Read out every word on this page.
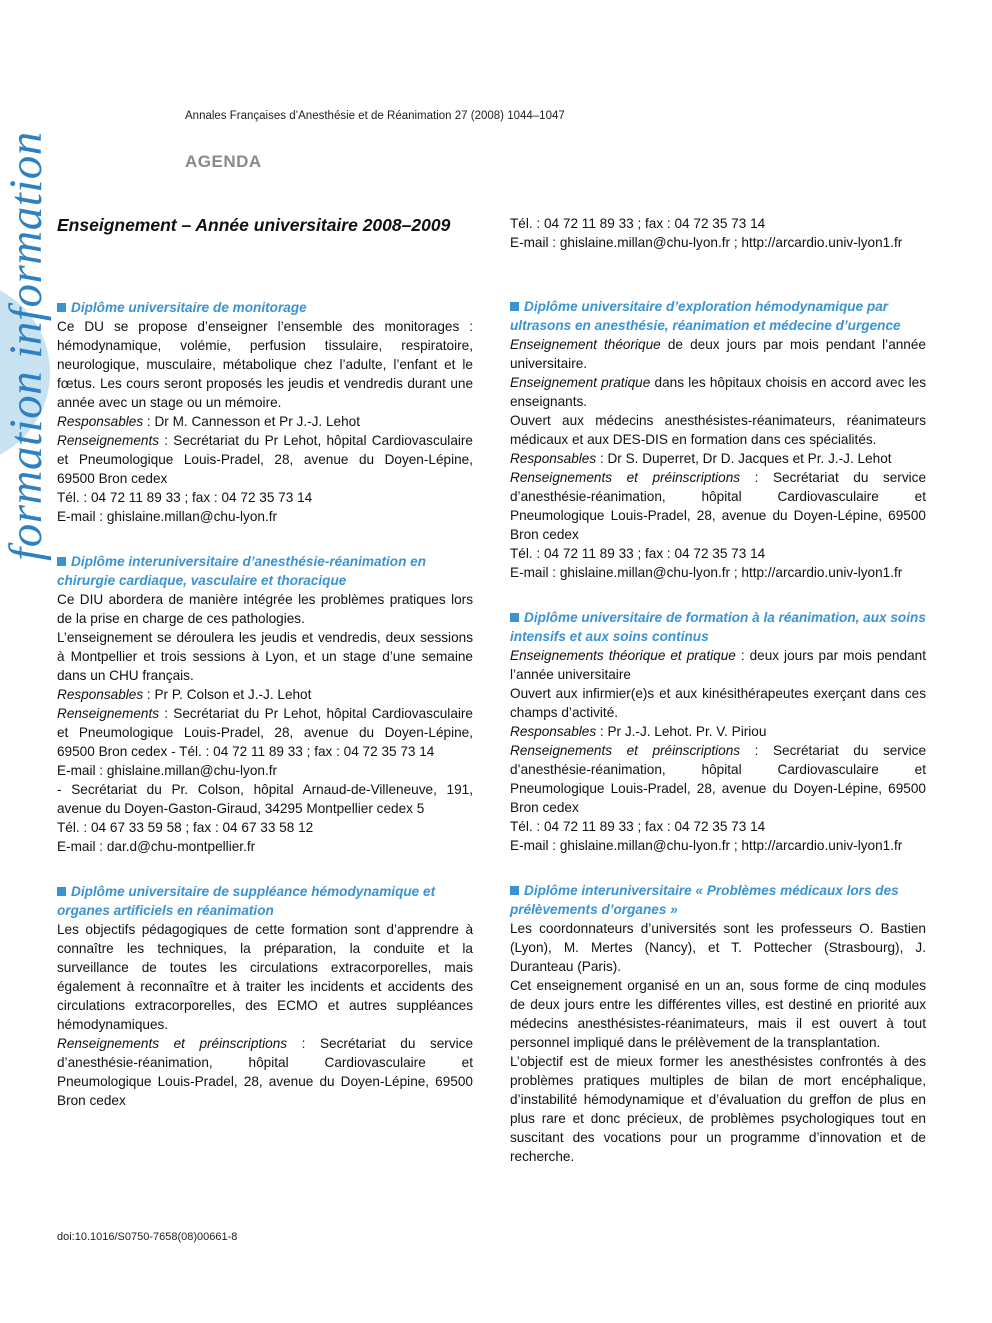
formation information
Annales Françaises d’Anesthésie et de Réanimation 27 (2008) 1044–1047
AGENDA
Enseignement – Année universitaire 2008–2009
Diplôme universitaire de monitorage

Ce DU se propose d’enseigner l’ensemble des monitorages : hémodynamique, volémie, perfusion tissulaire, respiratoire, neurologique, musculaire, métabolique chez l’adulte, l’enfant et le fœtus. Les cours seront proposés les jeudis et vendredis durant une année avec un stage ou un mémoire.

Responsables : Dr M. Cannesson et Pr J.-J. Lehot

Renseignements : Secrétariat du Pr Lehot, hôpital Cardiovasculaire et Pneumologique Louis-Pradel, 28, avenue du Doyen-Lépine, 69500 Bron cedex

Tél. : 04 72 11 89 33 ; fax : 04 72 35 73 14

E-mail : ghislaine.millan@chu-lyon.fr

Diplôme interuniversitaire d’anesthésie-réanimation en chirurgie cardiaque, vasculaire et thoracique

Ce DIU abordera de manière intégrée les problèmes pratiques lors de la prise en charge de ces pathologies.

L’enseignement se déroulera les jeudis et vendredis, deux sessions à Montpellier et trois sessions à Lyon, et un stage d’une semaine dans un CHU français.

Responsables : Pr P. Colson et J.-J. Lehot

Renseignements : Secrétariat du Pr Lehot, hôpital Cardiovasculaire et Pneumologique Louis-Pradel, 28, avenue du Doyen-Lépine, 69500 Bron cedex - Tél. : 04 72 11 89 33 ; fax : 04 72 35 73 14

E-mail : ghislaine.millan@chu-lyon.fr

- Secrétariat du Pr. Colson, hôpital Arnaud-de-Villeneuve, 191, avenue du Doyen-Gaston-Giraud, 34295 Montpellier cedex 5

Tél. : 04 67 33 59 58 ; fax : 04 67 33 58 12

E-mail : dar.d@chu-montpellier.fr

Diplôme universitaire de suppléance hémodynamique et organes artificiels en réanimation

Les objectifs pédagogiques de cette formation sont d’apprendre à connaître les techniques, la préparation, la conduite et la surveillance de toutes les circulations extracorporelles, mais également à reconnaître et à traiter les incidents et accidents des circulations extracorporelles, des ECMO et autres suppléances hémodynamiques.

Renseignements et préinscriptions : Secrétariat du service d’anesthésie-réanimation, hôpital Cardiovasculaire et Pneumologique Louis-Pradel, 28, avenue du Doyen-Lépine, 69500 Bron cedex

Tél. : 04 72 11 89 33 ; fax : 04 72 35 73 14

E-mail : ghislaine.millan@chu-lyon.fr ; http://arcardio.univ-lyon1.fr

Diplôme universitaire d’exploration hémodynamique par ultrasons en anesthésie, réanimation et médecine d’urgence

Enseignement théorique de deux jours par mois pendant l’année universitaire.

Enseignement pratique dans les hôpitaux choisis en accord avec les enseignants.

Ouvert aux médecins anesthésistes-réanimateurs, réanimateurs médicaux et aux DES-DIS en formation dans ces spécialités.

Responsables : Dr S. Duperret, Dr D. Jacques et Pr. J.-J. Lehot

Renseignements et préinscriptions : Secrétariat du service d’anesthésie-réanimation, hôpital Cardiovasculaire et Pneumologique Louis-Pradel, 28, avenue du Doyen-Lépine, 69500 Bron cedex

Tél. : 04 72 11 89 33 ; fax : 04 72 35 73 14

E-mail : ghislaine.millan@chu-lyon.fr ; http://arcardio.univ-lyon1.fr

Diplôme universitaire de formation à la réanimation, aux soins intensifs et aux soins continus

Enseignements théorique et pratique : deux jours par mois pendant l’année universitaire

Ouvert aux infirmier(e)s et aux kinésithérapeutes exerçant dans ces champs d’activité.

Responsables : Pr J.-J. Lehot. Pr. V. Piriou

Renseignements et préinscriptions : Secrétariat du service d’anesthésie-réanimation, hôpital Cardiovasculaire et Pneumologique Louis-Pradel, 28, avenue du Doyen-Lépine, 69500 Bron cedex

Tél. : 04 72 11 89 33 ; fax : 04 72 35 73 14

E-mail : ghislaine.millan@chu-lyon.fr ; http://arcardio.univ-lyon1.fr

Diplôme interuniversitaire « Problèmes médicaux lors des prélèvements d’organes »

Les coordonnateurs d’universités sont les professeurs O. Bastien (Lyon), M. Mertes (Nancy), et T. Pottecher (Strasbourg), J. Duranteau (Paris).

Cet enseignement organisé en un an, sous forme de cinq modules de deux jours entre les différentes villes, est destiné en priorité aux médecins anesthésistes-réanimateurs, mais il est ouvert à tout personnel impliqué dans le prélèvement de la transplantation.

L’objectif est de mieux former les anesthésistes confrontés à des problèmes pratiques multiples de bilan de mort encéphalique, d’instabilité hémodynamique et d’évaluation du greffon de plus en plus rare et donc précieux, de problèmes psychologiques tout en suscitant des vocations pour un programme d’innovation et de recherche.

doi:10.1016/S0750-7658(08)00661-8
